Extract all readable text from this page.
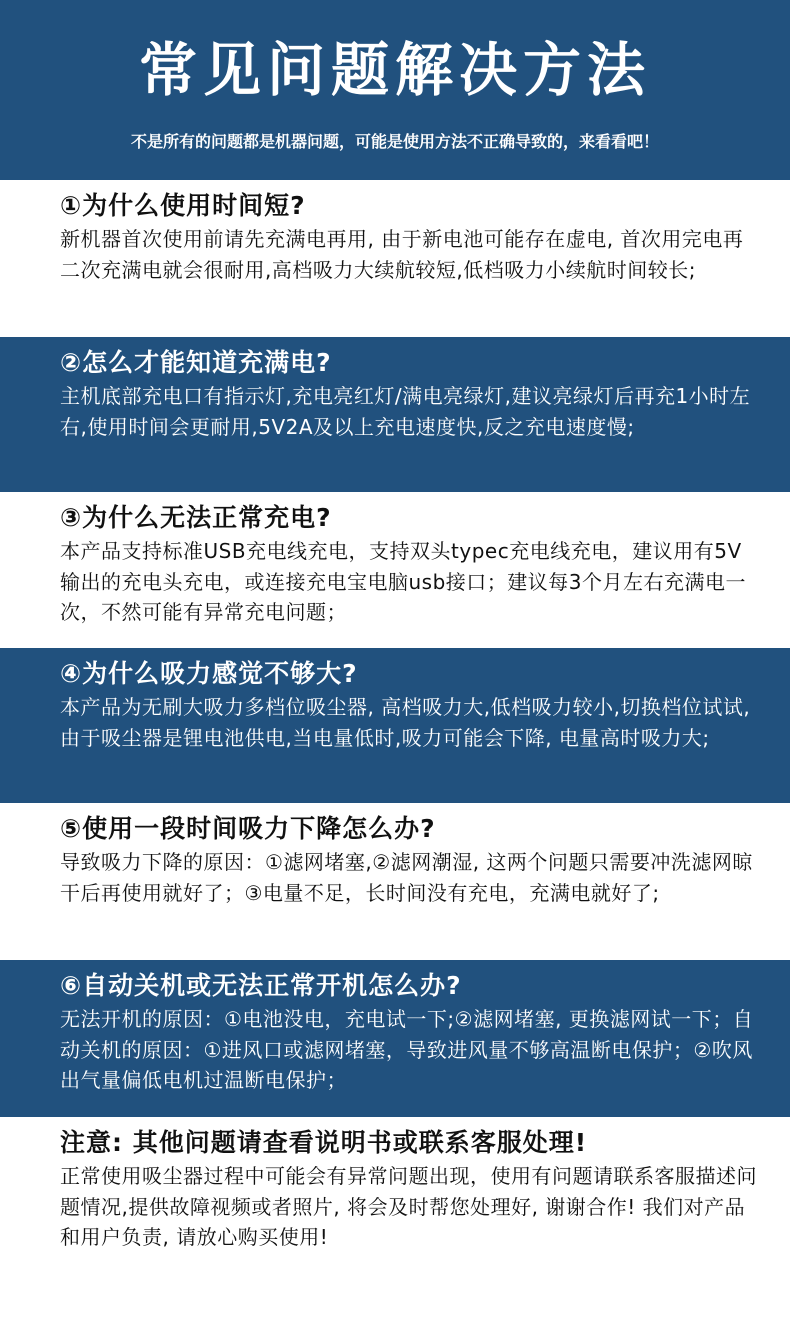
常见问题解决方法

不是所有的问题都是机器问题，可能是使用方法不正确导致的，来看看吧！

①为什么使用时间短?

新机器首次使用前请先充满电再用, 由于新电池可能存在虚电, 首次用完电再二次充满电就会很耐用,高档吸力大续航较短,低档吸力小续航时间较长;

②怎么才能知道充满电?

主机底部充电口有指示灯,充电亮红灯/满电亮绿灯,建议亮绿灯后再充1小时左右,使用时间会更耐用,5V2A及以上充电速度快,反之充电速度慢;

③为什么无法正常充电?

本产品支持标准USB充电线充电，支持双头typec充电线充电，建议用有5V输出的充电头充电，或连接充电宝电脑usb接口；建议每3个月左右充满电一次，不然可能有异常充电问题；

④为什么吸力感觉不够大?

本产品为无刷大吸力多档位吸尘器, 高档吸力大,低档吸力较小,切换档位试试,由于吸尘器是锂电池供电,当电量低时,吸力可能会下降, 电量高时吸力大;

⑤使用一段时间吸力下降怎么办?

导致吸力下降的原因：①滤网堵塞,②滤网潮湿, 这两个问题只需要冲洗滤网晾干后再使用就好了；③电量不足，长时间没有充电，充满电就好了;

⑥自动关机或无法正常开机怎么办?

无法开机的原因：①电池没电，充电试一下;②滤网堵塞, 更换滤网试一下；自动关机的原因：①进风口或滤网堵塞，导致进风量不够高温断电保护；②吹风出气量偏低电机过温断电保护；

注意: 其他问题请查看说明书或联系客服处理!

正常使用吸尘器过程中可能会有异常问题出现，使用有问题请联系客服描述问题情况,提供故障视频或者照片, 将会及时帮您处理好, 谢谢合作! 我们对产品和用户负责, 请放心购买使用!
